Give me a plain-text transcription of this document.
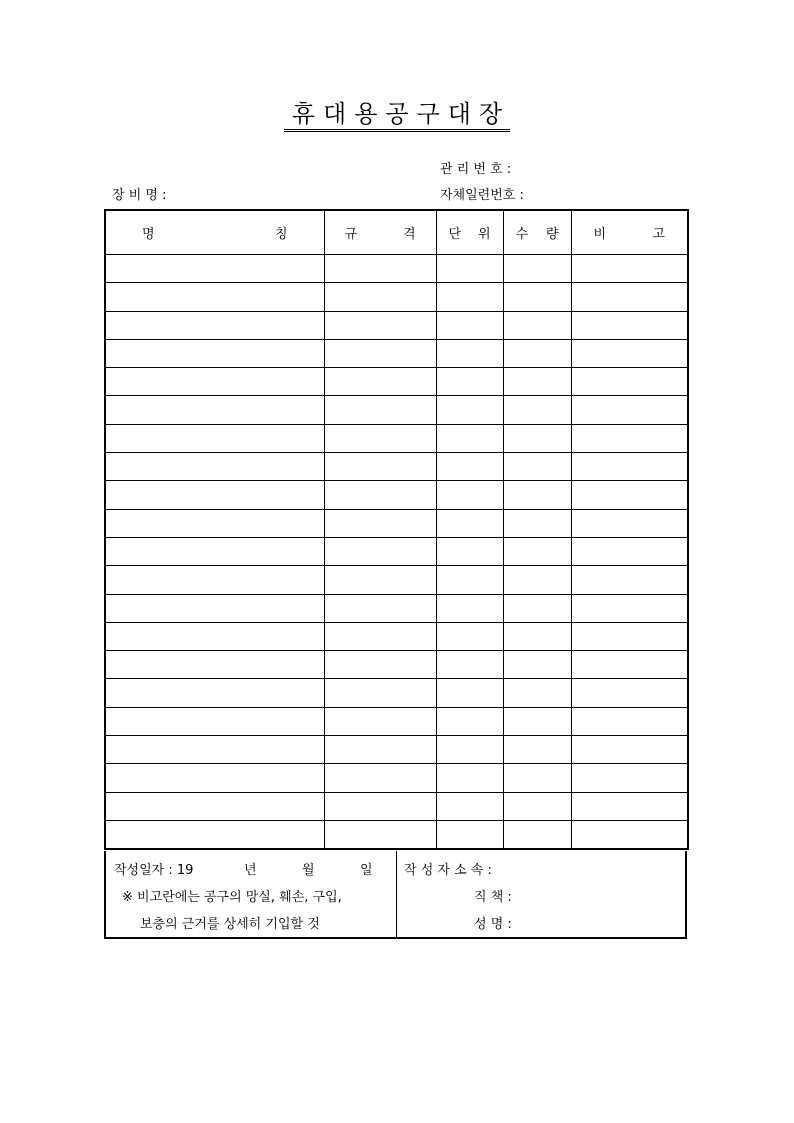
휴대용공구대장
관 리 번 호 :
자체일련번호 :
장 비 명 :
명 칭	규 격	단 위	수 량	비 고

작성일자 : 19	년	월	일
※ 비고란에는 공구의 망실, 훼손, 구입,
보충의 근거를 상세히 기입할 것
작 성 자 소 속 :
직 책 :
성 명 :
